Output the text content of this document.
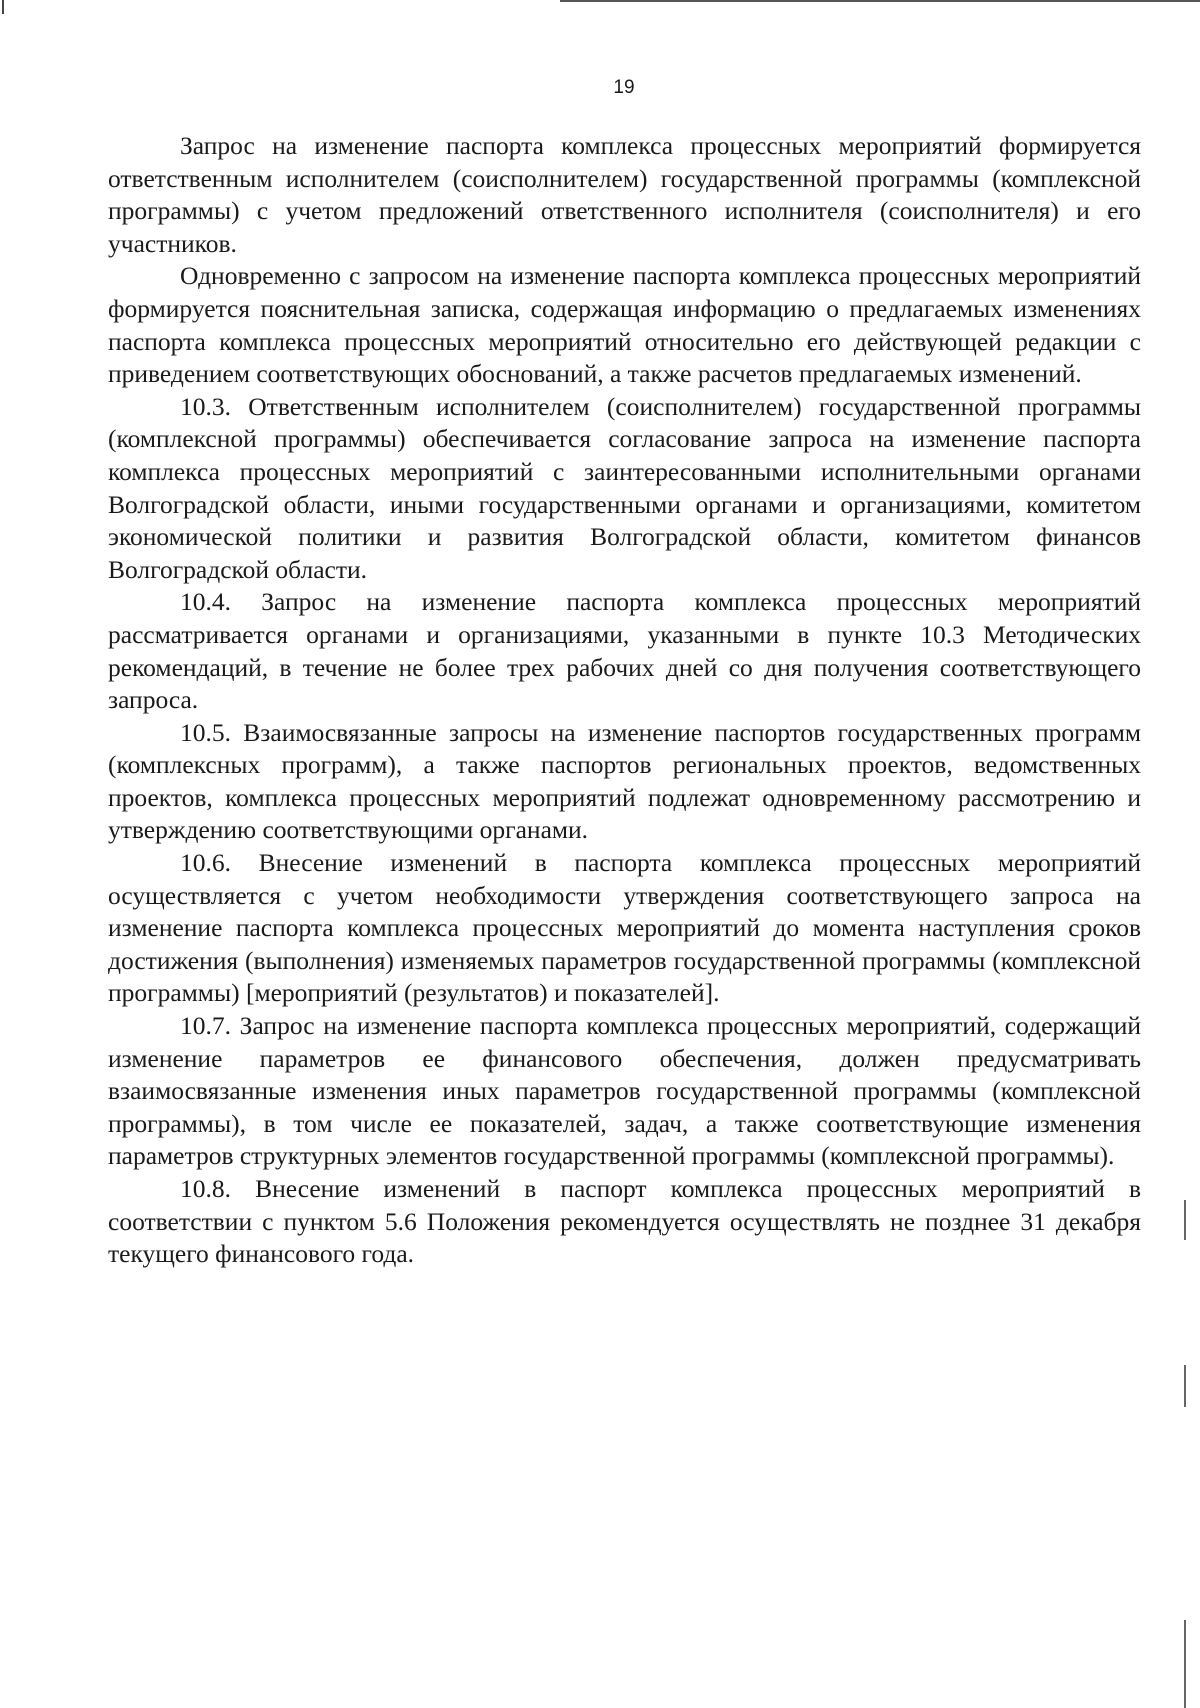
19

Запрос на изменение паспорта комплекса процессных мероприятий формируется ответственным исполнителем (соисполнителем) государственной программы (комплексной программы) с учетом предложений ответственного исполнителя (соисполнителя) и его участников.

Одновременно с запросом на изменение паспорта комплекса процессных мероприятий формируется пояснительная записка, содержащая информацию о предлагаемых изменениях паспорта комплекса процессных мероприятий относительно его действующей редакции с приведением соответствующих обоснований, а также расчетов предлагаемых изменений.

10.3. Ответственным исполнителем (соисполнителем) государственной программы (комплексной программы) обеспечивается согласование запроса на изменение паспорта комплекса процессных мероприятий с заинтересованными исполнительными органами Волгоградской области, иными государственными органами и организациями, комитетом экономической политики и развития Волгоградской области, комитетом финансов Волгоградской области.

10.4. Запрос на изменение паспорта комплекса процессных мероприятий рассматривается органами и организациями, указанными в пункте 10.3 Методических рекомендаций, в течение не более трех рабочих дней со дня получения соответствующего запроса.

10.5. Взаимосвязанные запросы на изменение паспортов государственных программ (комплексных программ), а также паспортов региональных проектов, ведомственных проектов, комплекса процессных мероприятий подлежат одновременному рассмотрению и утверждению соответствующими органами.

10.6. Внесение изменений в паспорта комплекса процессных мероприятий осуществляется с учетом необходимости утверждения соответствующего запроса на изменение паспорта комплекса процессных мероприятий до момента наступления сроков достижения (выполнения) изменяемых параметров государственной программы (комплексной программы) [мероприятий (результатов) и показателей].

10.7. Запрос на изменение паспорта комплекса процессных мероприятий, содержащий изменение параметров ее финансового обеспечения, должен предусматривать взаимосвязанные изменения иных параметров государственной программы (комплексной программы), в том числе ее показателей, задач, а также соответствующие изменения параметров структурных элементов государственной программы (комплексной программы).

10.8. Внесение изменений в паспорт комплекса процессных мероприятий в соответствии с пунктом 5.6 Положения рекомендуется осуществлять не позднее 31 декабря текущего финансового года.
